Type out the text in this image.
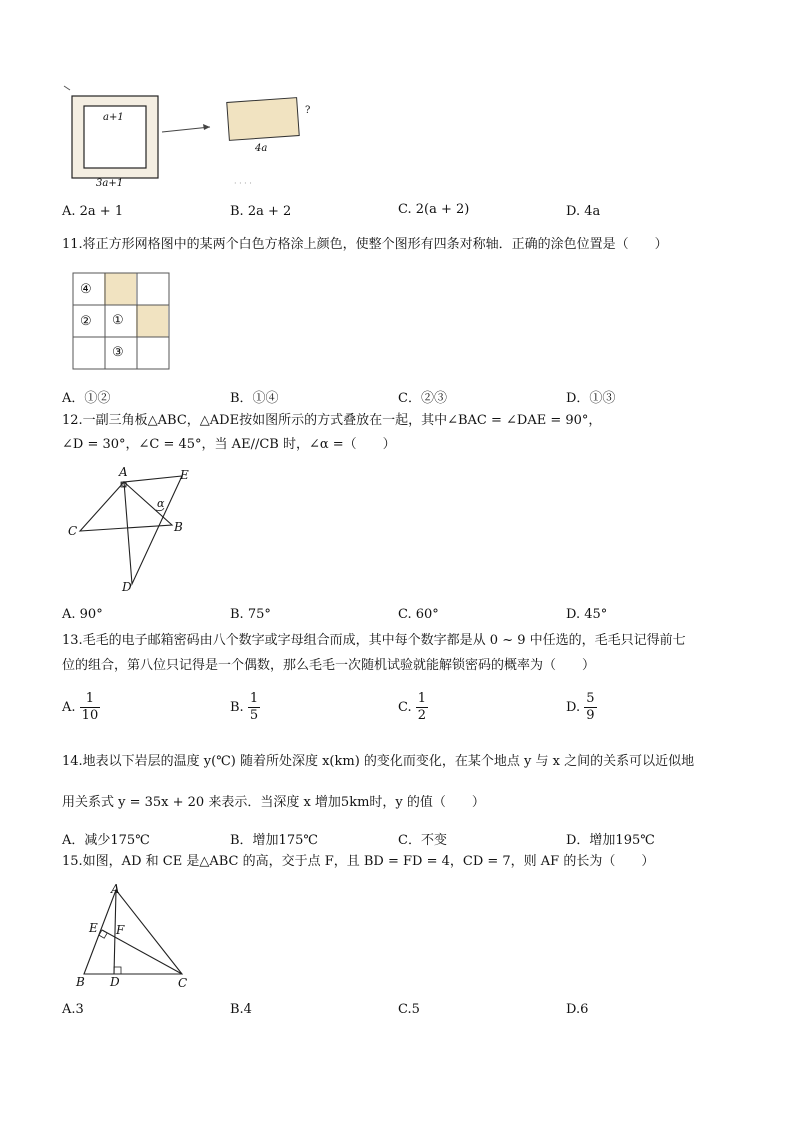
· · · ·
a+1
3a+1
4a
?
A. 2a + 1	B. 2a + 2	C. 2(a + 2)	D. 4a
11.将正方形网格图中的某两个白色方格涂上颜色，使整个图形有四条对称轴．正确的涂色位置是（　　）
④
② ①
③
A．①②	B．①④	C．②③	D．①③
12.一副三角板△ABC，△ADE按如图所示的方式叠放在一起，其中∠BAC = ∠DAE = 90°，
∠D = 30°，∠C = 45°，当 AE//CB 时，∠α =（　　）
A	E
α
C	B
D
A. 90°	B. 75°	C. 60°	D. 45°
13.毛毛的电子邮箱密码由八个数字或字母组合而成，其中每个数字都是从 0 ~ 9 中任选的，毛毛只记得前七
位的组合，第八位只记得是一个偶数，那么毛毛一次随机试验就能解锁密码的概率为（　　）
A. $\frac{1}{10}$	B. $\frac{1}{5}$	C. $\frac{1}{2}$	D. $\frac{5}{9}$
14.地表以下岩层的温度 y(℃) 随着所处深度 x(km) 的变化而变化，在某个地点 y 与 x 之间的关系可以近似地
用关系式 y = 35x + 20 来表示．当深度 x 增加5km时，y 的值（　　）
A．减少175℃	B．增加175℃	C．不变	D．增加195℃
15.如图，AD 和 CE 是△ABC 的高，交于点 F，且 BD = FD = 4，CD = 7，则 AF 的长为（　　）
A
E F
B D	C
A.3	B.4	C.5	D.6
